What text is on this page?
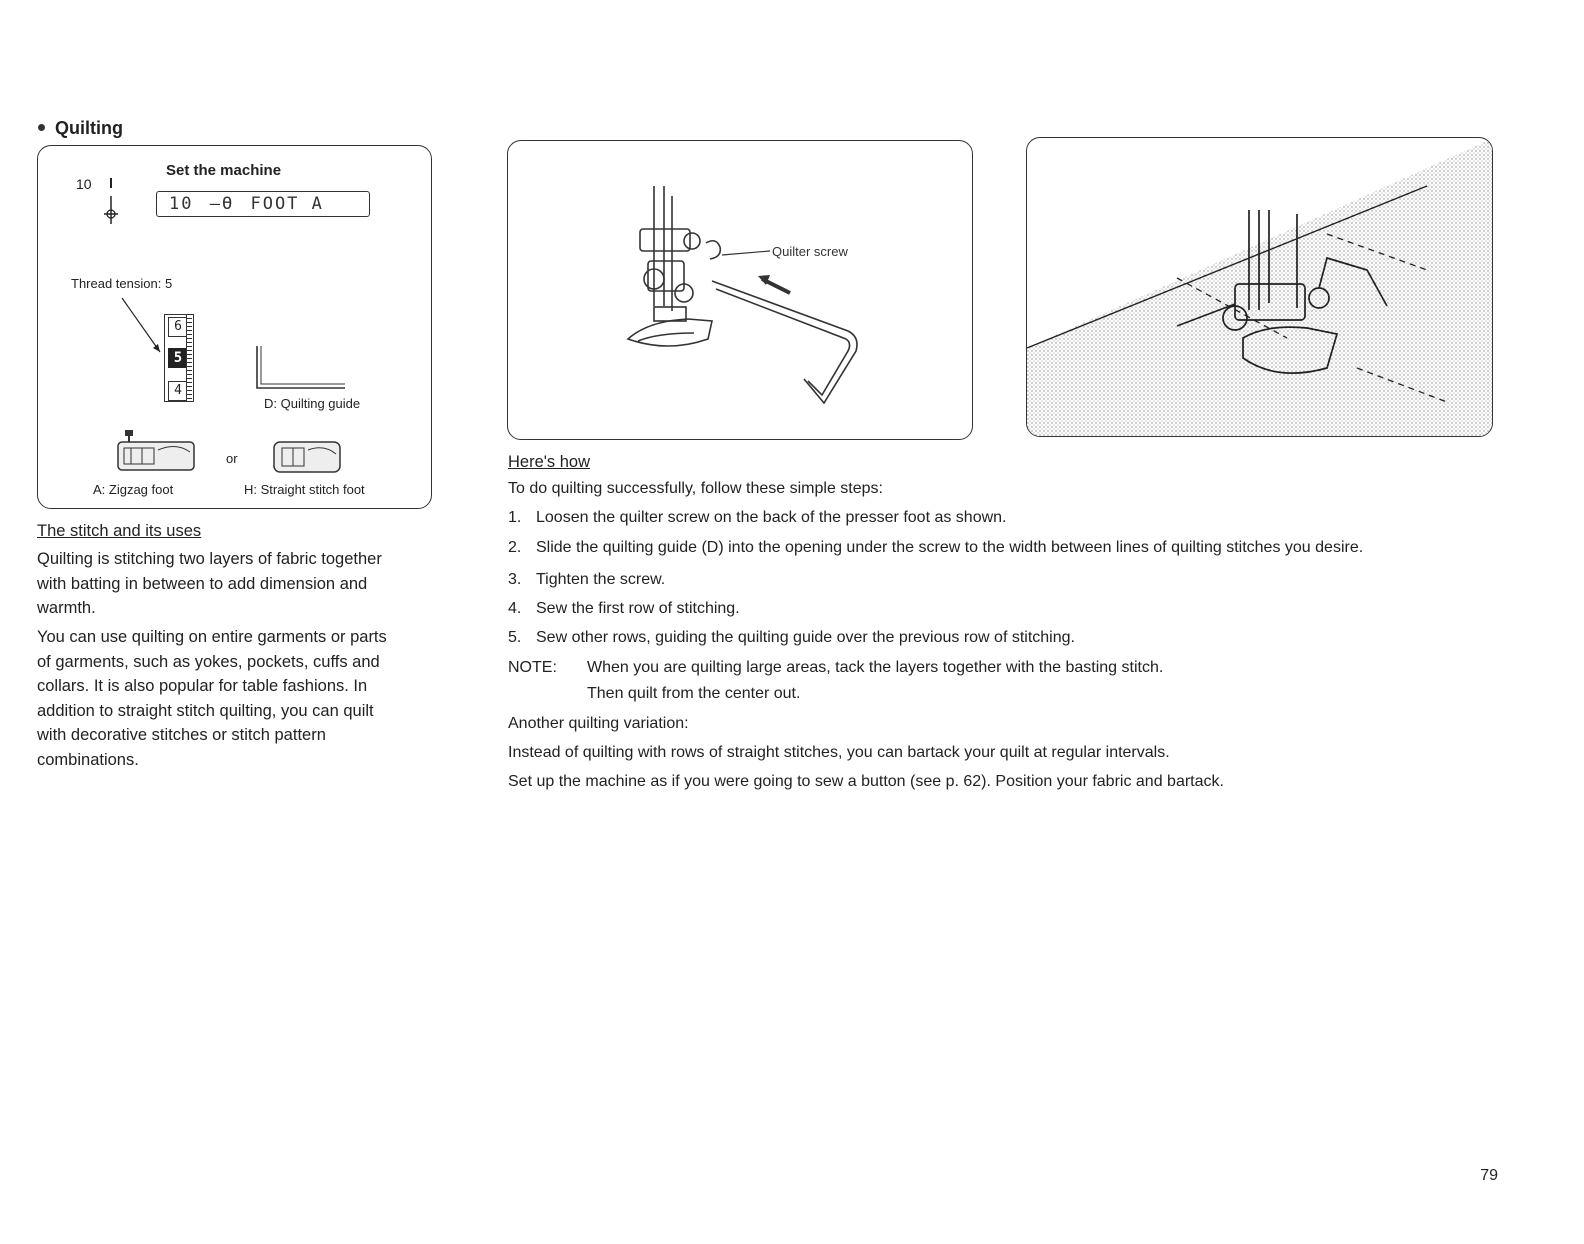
Quilting
10
Set the machine
10 —ϴ FOOT A
Thread tension: 5
6
5
4
D: Quilting guide
or
A: Zigzag foot	H: Straight stitch foot
The stitch and its uses
Quilting is stitching two layers of fabric together
with batting in between to add dimension and
warmth.
You can use quilting on entire garments or parts
of garments, such as yokes, pockets, cuffs and
collars. It is also popular for table fashions. In
addition to straight stitch quilting, you can quilt
with decorative stitches or stitch pattern
combinations.
Quilter screw
Here's how
To do quilting successfully, follow these simple steps:
1. Loosen the quilter screw on the back of the presser foot as shown.
2. Slide the quilting guide (D) into the opening under the screw to the width between lines of quilting stitches you desire.
3. Tighten the screw.
4. Sew the first row of stitching.
5. Sew other rows, guiding the quilting guide over the previous row of stitching.
NOTE: When you are quilting large areas, tack the layers together with the basting stitch.
Then quilt from the center out.
Another quilting variation:
Instead of quilting with rows of straight stitches, you can bartack your quilt at regular intervals.
Set up the machine as if you were going to sew a button (see p. 62). Position your fabric and bartack.
79
